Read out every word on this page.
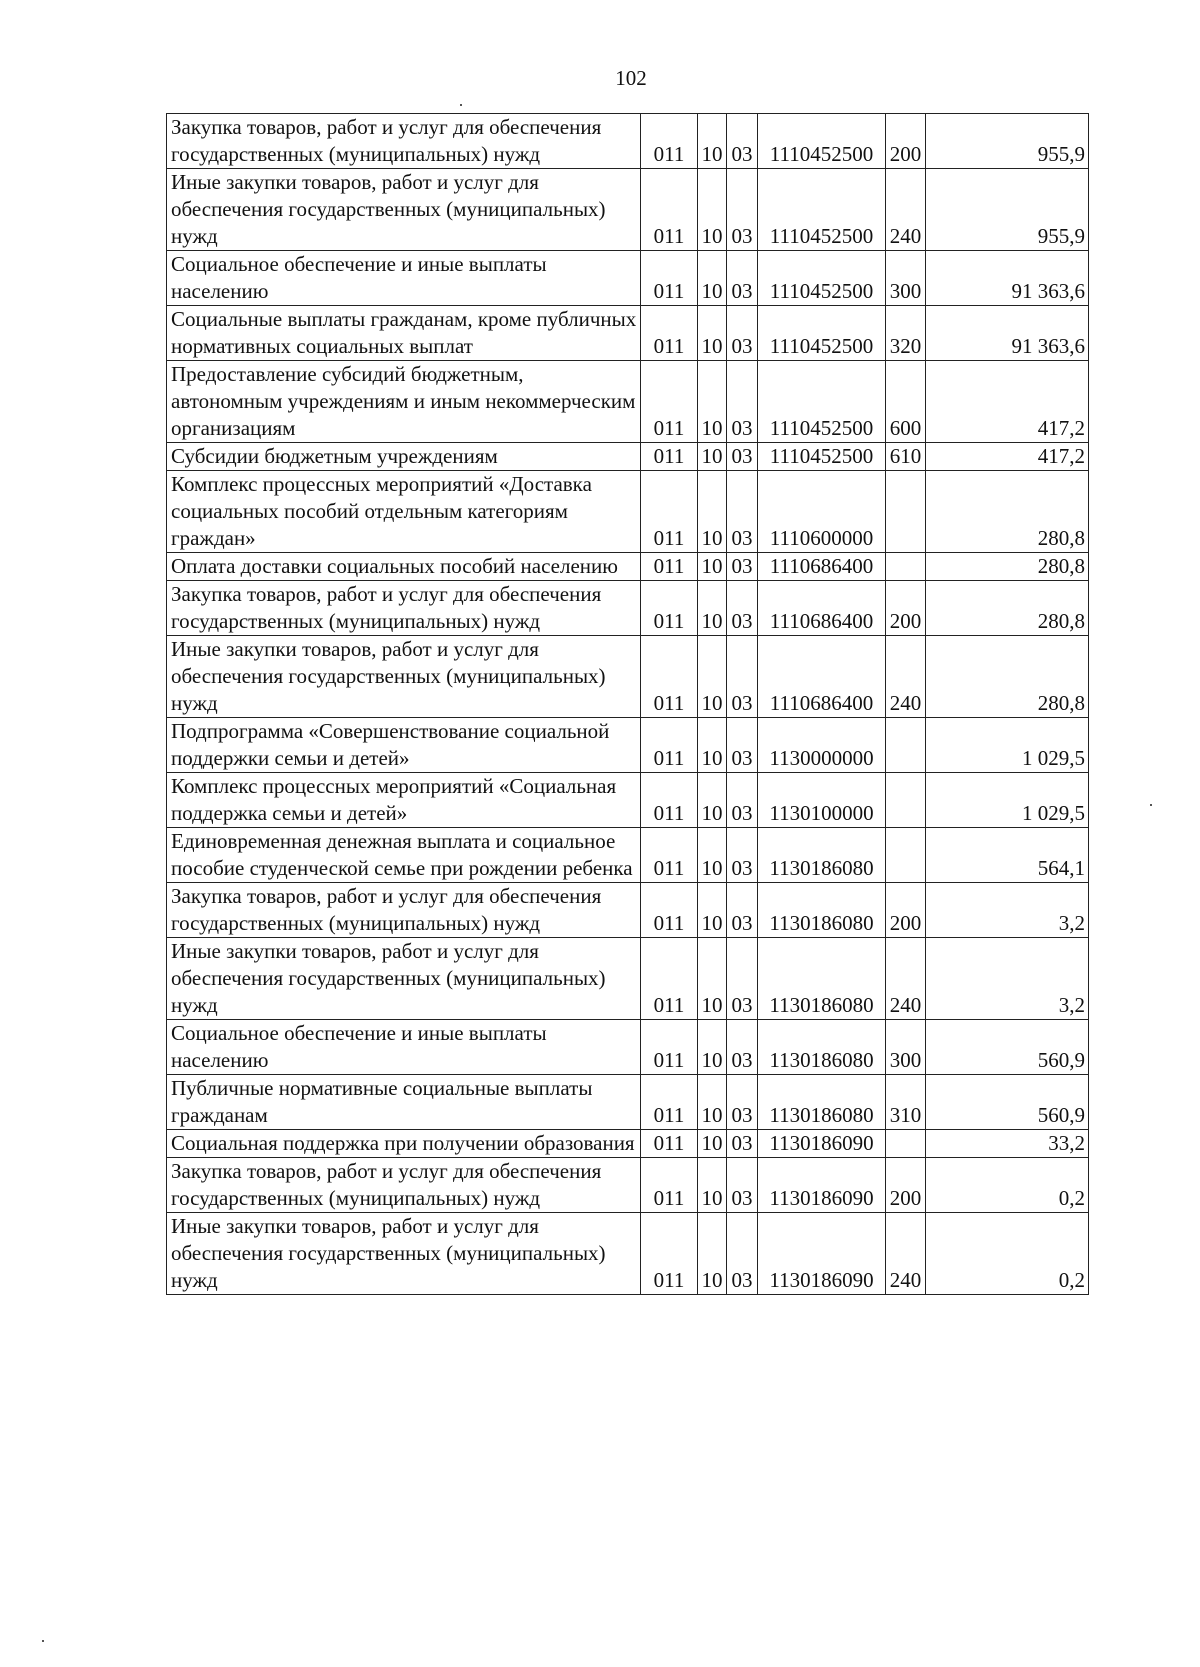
102
Закупка товаров, работ и услуг для обеспечения государственных (муниципальных) нужд	011	10	03	1110452500	200	955,9
Иные закупки товаров, работ и услуг для обеспечения государственных (муниципальных) нужд	011	10	03	1110452500	240	955,9
Социальное обеспечение и иные выплаты населению	011	10	03	1110452500	300	91 363,6
Социальные выплаты гражданам, кроме публичных нормативных социальных выплат	011	10	03	1110452500	320	91 363,6
Предоставление субсидий бюджетным, автономным учреждениям и иным некоммерческим организациям	011	10	03	1110452500	600	417,2
Субсидии бюджетным учреждениям	011	10	03	1110452500	610	417,2
Комплекс процессных мероприятий «Доставка социальных пособий отдельным категориям граждан»	011	10	03	1110600000		280,8
Оплата доставки социальных пособий населению	011	10	03	1110686400		280,8
Закупка товаров, работ и услуг для обеспечения государственных (муниципальных) нужд	011	10	03	1110686400	200	280,8
Иные закупки товаров, работ и услуг для обеспечения государственных (муниципальных) нужд	011	10	03	1110686400	240	280,8
Подпрограмма «Совершенствование социальной поддержки семьи и детей»	011	10	03	1130000000		1 029,5
Комплекс процессных мероприятий «Социальная поддержка семьи и детей»	011	10	03	1130100000		1 029,5
Единовременная денежная выплата и социальное пособие студенческой семье при рождении ребенка	011	10	03	1130186080		564,1
Закупка товаров, работ и услуг для обеспечения государственных (муниципальных) нужд	011	10	03	1130186080	200	3,2
Иные закупки товаров, работ и услуг для обеспечения государственных (муниципальных) нужд	011	10	03	1130186080	240	3,2
Социальное обеспечение и иные выплаты населению	011	10	03	1130186080	300	560,9
Публичные нормативные социальные выплаты гражданам	011	10	03	1130186080	310	560,9
Социальная поддержка при получении образования	011	10	03	1130186090		33,2
Закупка товаров, работ и услуг для обеспечения государственных (муниципальных) нужд	011	10	03	1130186090	200	0,2
Иные закупки товаров, работ и услуг для обеспечения государственных (муниципальных) нужд	011	10	03	1130186090	240	0,2
